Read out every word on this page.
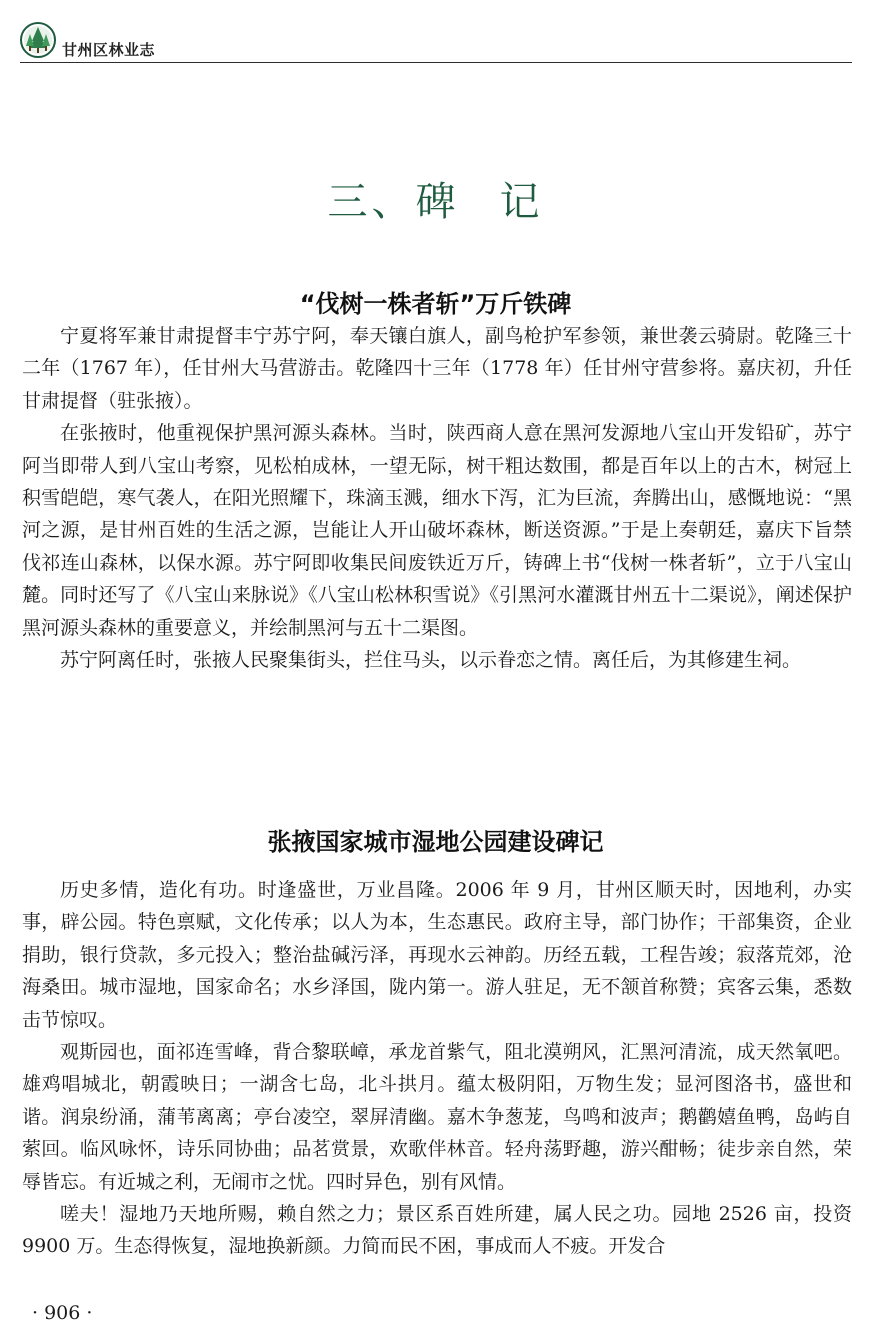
甘州区林业志
三、碑 记
“伐树一株者斩”万斤铁碑

宁夏将军兼甘肃提督丰宁苏宁阿，奉天镶白旗人，副鸟枪护军参领，兼世袭云骑尉。乾隆三十二年（1767 年），任甘州大马营游击。乾隆四十三年（1778 年）任甘州守营参将。嘉庆初，升任甘肃提督（驻张掖）。

在张掖时，他重视保护黑河源头森林。当时，陕西商人意在黑河发源地八宝山开发铅矿，苏宁阿当即带人到八宝山考察，见松柏成林，一望无际，树干粗达数围，都是百年以上的古木，树冠上积雪皑皑，寒气袭人，在阳光照耀下，珠滴玉溅，细水下泻，汇为巨流，奔腾出山，感慨地说：“黑河之源，是甘州百姓的生活之源，岂能让人开山破坏森林，断送资源。”于是上奏朝廷，嘉庆下旨禁伐祁连山森林，以保水源。苏宁阿即收集民间废铁近万斤，铸碑上书“伐树一株者斩”，立于八宝山麓。同时还写了《八宝山来脉说》《八宝山松林积雪说》《引黑河水灌溉甘州五十二渠说》，阐述保护黑河源头森林的重要意义，并绘制黑河与五十二渠图。

苏宁阿离任时，张掖人民聚集街头，拦住马头，以示眷恋之情。离任后，为其修建生祠。

张掖国家城市湿地公园建设碑记

历史多情，造化有功。时逢盛世，万业昌隆。2006 年 9 月，甘州区顺天时，因地利，办实事，辟公园。特色禀赋，文化传承；以人为本，生态惠民。政府主导，部门协作；干部集资，企业捐助，银行贷款，多元投入；整治盐碱污泽，再现水云神韵。历经五载，工程告竣；寂落荒郊，沧海桑田。城市湿地，国家命名；水乡泽国，陇内第一。游人驻足，无不颔首称赞；宾客云集，悉数击节惊叹。

观斯园也，面祁连雪峰，背合黎联嶂，承龙首紫气，阻北漠朔风，汇黑河清流，成天然氧吧。雄鸡唱城北，朝霞映日；一湖含七岛，北斗拱月。蕴太极阴阳，万物生发；显河图洛书，盛世和谐。润泉纷涌，蒲苇离离；亭台凌空，翠屏清幽。嘉木争葱茏，鸟鸣和波声；鹅鹳嬉鱼鸭，岛屿自萦回。临风咏怀，诗乐同协曲；品茗赏景，欢歌伴林音。轻舟荡野趣，游兴酣畅；徒步亲自然，荣辱皆忘。有近城之利，无闹市之忧。四时异色，别有风情。

嗟夫！湿地乃天地所赐，赖自然之力；景区系百姓所建，属人民之功。园地 2526 亩，投资 9900 万。生态得恢复，湿地换新颜。力简而民不困，事成而人不疲。开发合

· 906 ·
